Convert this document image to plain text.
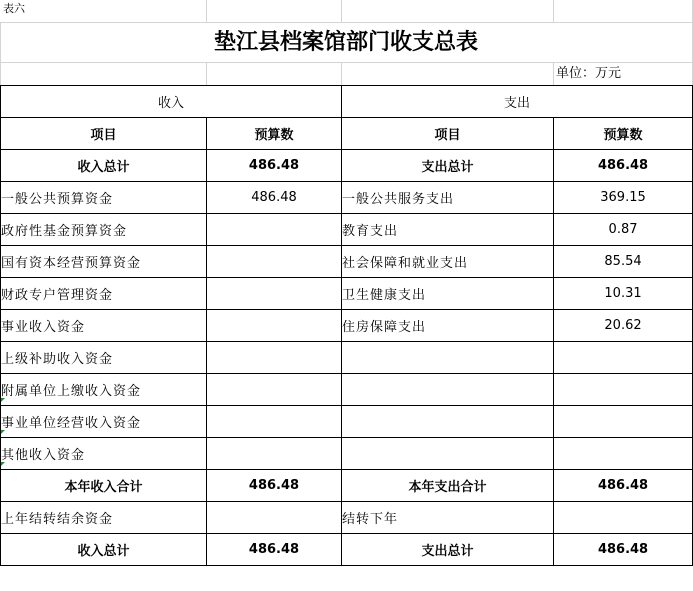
表六
垫江县档案馆部门收支总表
单位：万元
收入		支出	
项目	预算数	项目	预算数
收入总计	486.48	支出总计	486.48
一般公共预算资金	486.48	一般公共服务支出	369.15
政府性基金预算资金		教育支出	0.87
国有资本经营预算资金		社会保障和就业支出	85.54
财政专户管理资金		卫生健康支出	10.31
事业收入资金		住房保障支出	20.62
上级补助收入资金			
附属单位上缴收入资金			
事业单位经营收入资金			
其他收入资金			
本年收入合计	486.48	本年支出合计	486.48
上年结转结余资金		结转下年	
收入总计	486.48	支出总计	486.48
